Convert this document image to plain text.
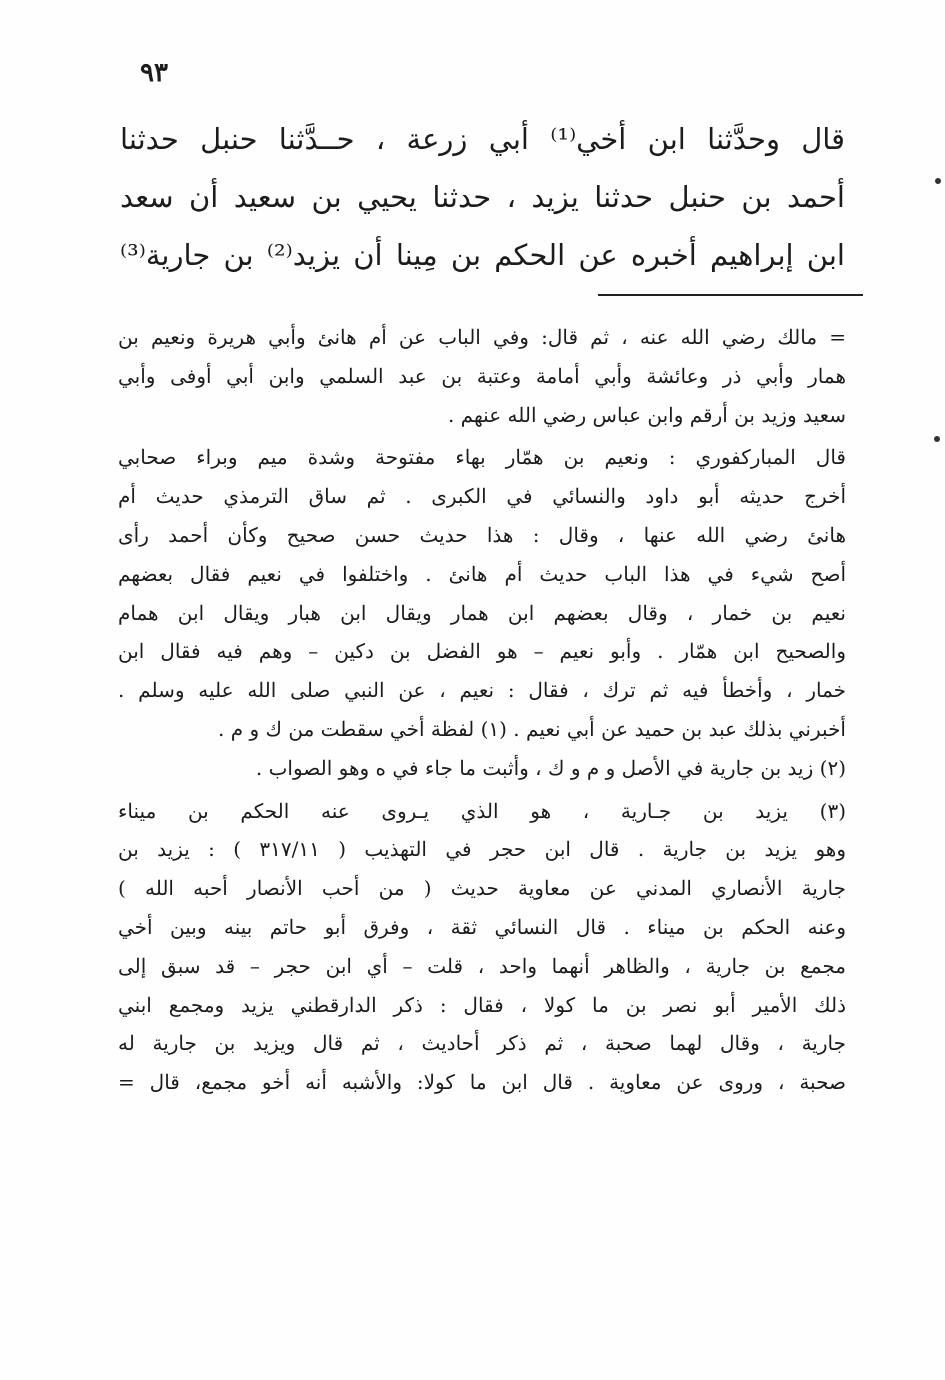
٩٣
قال وحدَّثنا ابن أخي⁽¹⁾ أبي زرعة ، حــدَّثنا حنبل حدثنا
أحمد بن حنبل حدثنا يزيد ، حدثنا يحيي بن سعيد أن سعد
ابن إبراهيم أخبره عن الحكم بن مِينا أن يزيد⁽²⁾ بن جارية⁽³⁾
= مالك رضي الله عنه ، ثم قال: وفي الباب عن أم هانئ وأبي هريرة ونعيم بن
همار وأبي ذر وعائشة وأبي أمامة وعتبة بن عبد السلمي وابن أبي أوفى وأبي
سعيد وزيد بن أرقم وابن عباس رضي الله عنهم .
قال المباركفوري : ونعيم بن همّار بهاء مفتوحة وشدة ميم وبراء صحابي
أخرج حديثه أبو داود والنسائي في الكبرى . ثم ساق الترمذي حديث أم
هانئ رضي الله عنها ، وقال : هذا حديث حسن صحيح وكأن أحمد رأى
أصح شيء في هذا الباب حديث أم هانئ . واختلفوا في نعيم فقال بعضهم
نعيم بن خمار ، وقال بعضهم ابن همار ويقال ابن هبار ويقال ابن همام
والصحيح ابن همّار . وأبو نعيم – هو الفضل بن دكين – وهم فيه فقال ابن
خمار ، وأخطأ فيه ثم ترك ، فقال : نعيم ، عن النبي صلى الله عليه وسلم .
أخبرني بذلك عبد بن حميد عن أبي نعيم . (١) لفظة أخي سقطت من ك و م .
(٢) زيد بن جارية في الأصل و م و ك ، وأثبت ما جاء في ه وهو الصواب .
(٣) يزيد بن جـارية ، هو الذي يـروى عنه الحكم بن ميناء
وهو يزيد بن جارية . قال ابن حجر في التهذيب ( ٣١٧/١١ ) : يزيد بن
جارية الأنصاري المدني عن معاوية حديث ( من أحب الأنصار أحبه الله )
وعنه الحكم بن ميناء . قال النسائي ثقة ، وفرق أبو حاتم بينه وبين أخي
مجمع بن جارية ، والظاهر أنهما واحد ، قلت – أي ابن حجر – قد سبق إلى
ذلك الأمير أبو نصر بن ما كولا ، فقال : ذكر الدارقطني يزيد ومجمع ابني
جارية ، وقال لهما صحبة ، ثم ذكر أحاديث ، ثم قال ويزيد بن جارية له
صحبة ، وروى عن معاوية . قال ابن ما كولا: والأشبه أنه أخو مجمع، قال =
